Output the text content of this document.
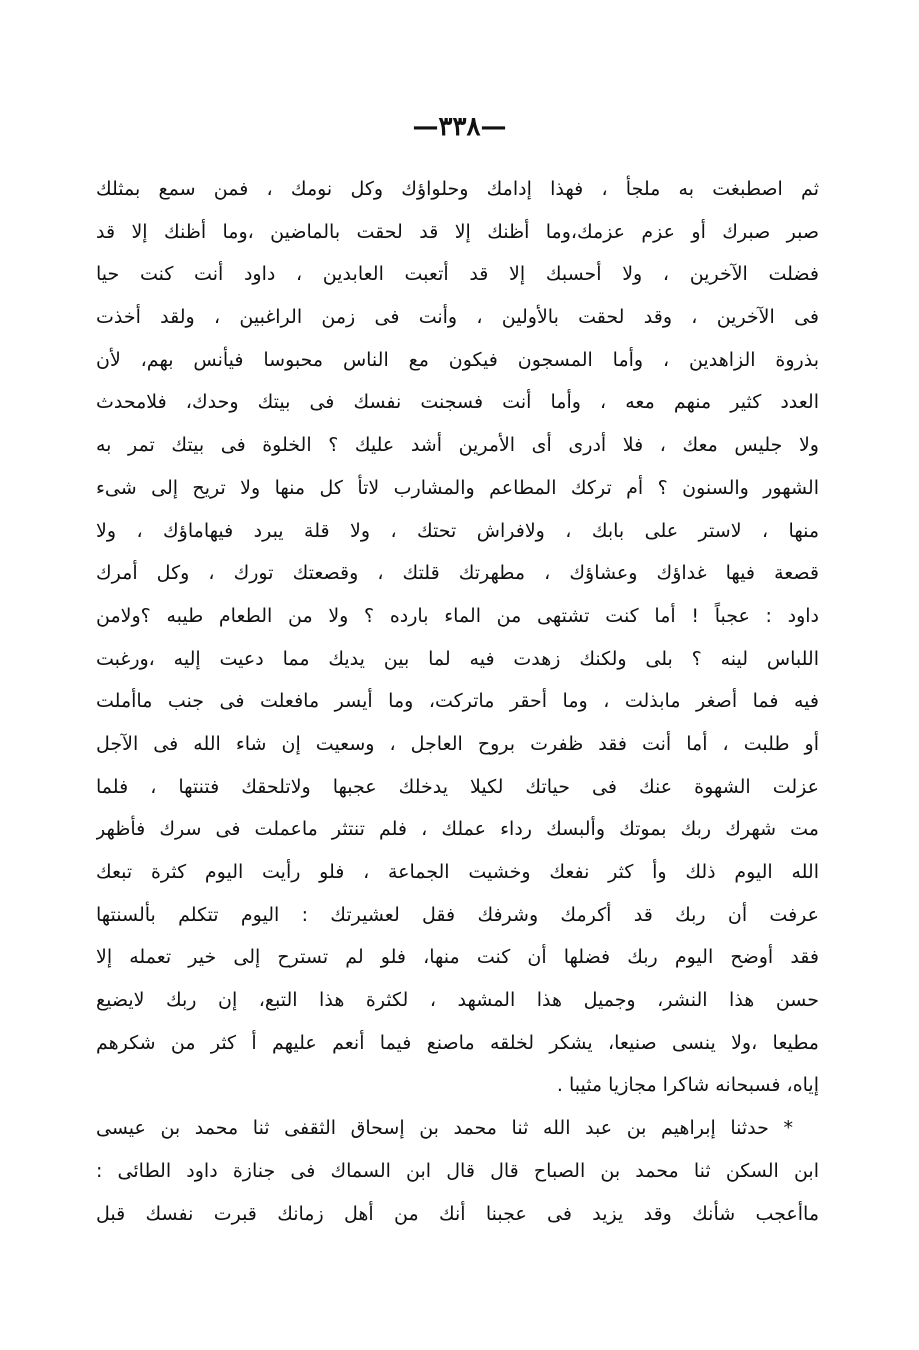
—٣٣٨—
ثم اصطبغت به ملجأ ، فهذا إدامك وحلواؤك وكل نومك ، فمن سمع بمثلك
صبر صبرك أو عزم عزمك،وما أظنك إلا قد لحقت بالماضين ،وما أظنك إلا قد
فضلت الآخرين ، ولا أحسبك إلا قد أتعبت العابدين ، داود أنت كنت حيا
فى الآخرين ، وقد لحقت بالأولين ، وأنت فى زمن الراغبين ، ولقد أخذت
بذروة الزاهدين ، وأما المسجون فيكون مع الناس محبوسا فيأنس بهم، لأن
العدد كثير منهم معه ، وأما أنت فسجنت نفسك فى بيتك وحدك، فلامحدث
ولا جليس معك ، فلا أدرى أى الأمرين أشد عليك ؟ الخلوة فى بيتك تمر به
الشهور والسنون ؟ أم تركك المطاعم والمشارب لاتأ كل منها ولا تريح إلى شىء
منها ، لاستر على بابك ، ولافراش تحتك ، ولا قلة يبرد فيهاماؤك ، ولا
قصعة فيها غداؤك وعشاؤك ، مطهرتك قلتك ، وقصعتك تورك ، وكل أمرك
داود : عجباً ! أما كنت تشتهى من الماء بارده ؟ ولا من الطعام طيبه ؟ولامن
اللباس لينه ؟ بلى ولكنك زهدت فيه لما بين يديك مما دعيت إليه ،ورغبت
فيه فما أصغر مابذلت ، وما أحقر ماتركت، وما أيسر مافعلت فى جنب ماأملت
أو طلبت ، أما أنت فقد ظفرت بروح العاجل ، وسعيت إن شاء الله فى الآجل
عزلت الشهوة عنك فى حياتك لكيلا يدخلك عجبها ولاتلحقك فتنتها ، فلما
مت شهرك ربك بموتك وألبسك رداء عملك ، فلم تنتثر ماعملت فى سرك فأظهر
الله اليوم ذلك وأ كثر نفعك وخشيت الجماعة ، فلو رأيت اليوم كثرة تبعك
عرفت أن ربك قد أكرمك وشرفك فقل لعشيرتك : اليوم تتكلم بألسنتها
فقد أوضح اليوم ربك فضلها أن كنت منها، فلو لم تسترح إلى خير تعمله إلا
حسن هذا النشر، وجميل هذا المشهد ، لكثرة هذا التبع، إن ربك لايضيع
مطيعا ،ولا ينسى صنيعا، يشكر لخلقه ماصنع فيما أنعم عليهم أ كثر من شكرهم
إياه، فسبحانه شاكرا مجازيا مثيبا .
* حدثنا إبراهيم بن عبد الله ثنا محمد بن إسحاق الثقفى ثنا محمد بن عيسى
ابن السكن ثنا محمد بن الصباح قال قال ابن السماك فى جنازة داود الطائى :
ماأعجب شأنك وقد يزيد فى عجبنا أنك من أهل زمانك قبرت نفسك قبل
